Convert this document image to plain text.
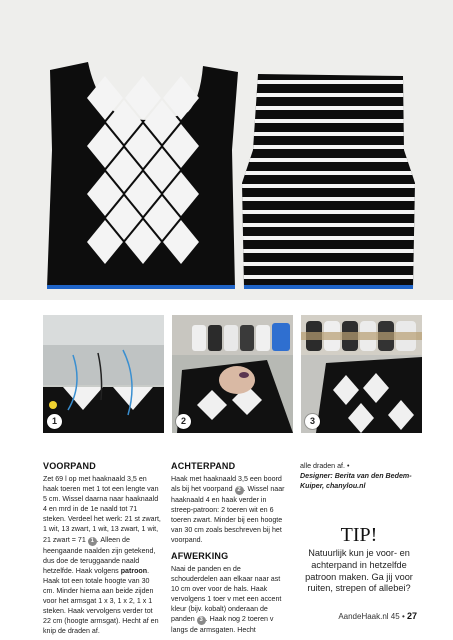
1	2	3
VOORPAND

Zet 69 l op met haaknaald 3,5 en haak toeren met 1 tot een lengte van 5 cm. Wissel daarna naar haaknaald 4 en mrd in de 1e naald tot 71 steken. Verdeel het werk: 21 st zwart, 1 wit, 13 zwart, 1 wit, 13 zwart, 1 wit, 21 zwart = 71 1 . Alleen de heengaande naalden zijn getekend, dus doe de teruggaande naald hetzelfde. Haak volgens patroon. Haak tot een totale hoogte van 30 cm. Minder hierna aan beide zijden voor het armsgat 1 x 3, 1 x 2, 1 x 1 steken. Haak vervolgens verder tot 22 cm (hoogte armsgat). Hecht af en knip de draden af.

ACHTERPAND

Haak met haaknaald 3,5 een boord als bij het voorpand 2 . Wissel naar haaknaald 4 en haak verder in streep-patroon: 2 toeren wit en 6 toeren zwart. Minder bij een hoogte van 30 cm zoals beschreven bij het voorpand.

AFWERKING

Naai de panden en de schouderdelen aan elkaar naar ast 10 cm over voor de hals. Haak vervolgens 1 toer v met een accent kleur (bijv. kobalt) onderaan de panden 3 . Haak nog 2 toeren v langs de armsgaten. Hecht

alle draden af. •

Designer: Berita van den Bedem-Kuiper, chanylou.nl

TIP!
Natuurlijk kun je voor- en achterpand in hetzelfde patroon maken. Ga jij voor ruiten, strepen of allebei?
AandeHaak.nl 45 • 27
